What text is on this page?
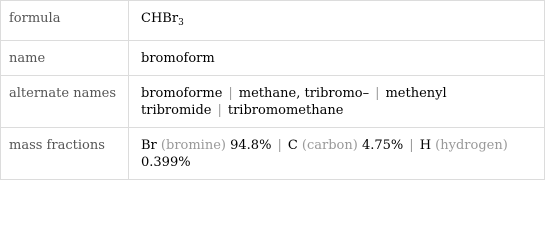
formula	CHBr$_3$
name	bromoform
alternate names	bromoforme | methane, tribromo– | methenyl tribromide | tribromomethane
mass fractions	Br (bromine) 94.8% | C (carbon) 4.75% | H (hydrogen) 0.399%
